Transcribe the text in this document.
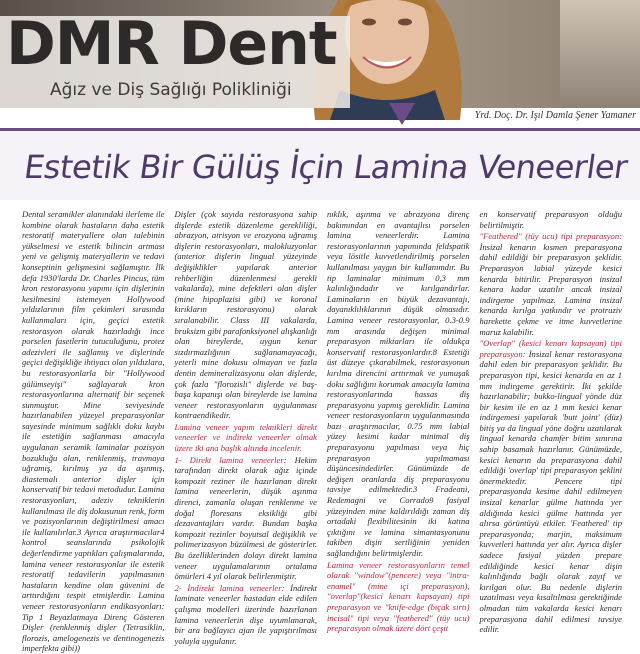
DMR Dent
Ağız ve Diş Sağlığı Polikliniği
Yrd. Doç. Dr. Işıl Damla Şener Yamaner
Estetik Bir Gülüş İçin Lamina Veneerler

Dental seramikler alanındaki ilerleme ile kombine olarak hastaların daha estetik restoratif materyallere olan talebinin yükselmesi ve estetik bilincin artması yeni ve gelişmiş materyallerin ve tedavi konseptinin gelişmesini sağlamıştır. İlk defa 1930'larda Dr. Charles Pincus, tüm kron restorasyonu yapımı için dişlerinin kesilmesini istemeyen Hollywood yıldızlarının film çekimleri sırasında kullanmaları için, geçici estetik restorasyon olarak hazırladığı ince porselen fasetlerin tutuculuğunu, protez adezivleri ile sağlamış ve dişlerinde geçici değişikliğe ihtiyacı olan yıldızlara, bu restorasyonlarla bir "Hollywood gülümseyişi" sağlayarak kron restorasyonlarına alternatif bir seçenek sunmuştur. Mine seviyesinde hazırlanabilen yüzeyel preparasyonlar sayesinde minimum sağlıklı doku kaybı ile estetiğin sağlanması amacıyla uygulanan seramik laminalar pozisyon bozukluğu olan, renklenmiş, travmaya uğramış, kırılmış ya da aşınmış, diastemalı anterior dişler için konservatif bir tedavi metodudur. Lamina restorasyonları, adeziv tekniklerin kullanılması ile diş dokusunun renk, form ve pozisyonlarının değiştirilmesi amacı ile kullanılırlar.3 Ayrıca araştırmacılar4 kontrol seanslarında psikolojik değerlendirme yaptıkları çalışmalarında, lamina veneer restorasyonlar ile estetik restoratif tedavilerin yapılmasının hastaların kendine olan güvenini de arttırdığını tespit etmişlerdir. Lamina veneer restorasyonların endikasyonları: Tip 1 Beyazlatmaya Direnç Gösteren Dişler (renklenmiş dişler (Tetrasiklin, florozis, amelogenezis ve dentinogenezis imperfekta gibi))

Dişler (çok sayıda restorasyona sahip dişlerde estetik düzenleme gerekliliği, abrazyon, atrisyon ve erozyona uğramış dişlerin restorasyonları, malokluzyonlar (anterior dişlerin lingual yüzeyinde değişiklikler yapılarak anterior rehberliğin düzenlenmesi gerekli vakalarda), mine defektleri olan dişler (mine hipoplazisi gibi) ve koronal kırıkların restorasyonu) olarak sıralanabilir. Class III vakalarda, bruksizm gibi parafonksiyonel alışkanlığı olan bireylerde, uygun kenar sızdırmazlığının sağlanamayacağı, yeterli mine dokusu olmayan ve fazla dentin demineralizasyonu olan dişlerde, çok fazla "florozisli" dişlerde ve baş-başa kapanışı olan bireylerde ise lamina veneer restorasyonların uygulanması kontraendikedir.

Lamina veneer yapım teknikleri direkt veneerler ve indirekt veneerler olmak üzere iki ana başlık altında incelenir.

1- Direkt lamina veneerler: Hekim tarafından direkt olarak ağız içinde kompozit reziner ile hazırlanan direkt lamina veneerlerin, düşük aşınma direnci, zamanla oluşan renklenme ve doğal floresans eksikliği gibi dezavantajları vardır. Bundan başka kompozit rezinler boyutsal değişiklik ve polimerizasyon büzülmesi de gösterirler. Bu özelliklerinden dolayı direkt lamina veneer uygulamalarının ortalama ömürleri 4 yıl olarak belirlenmiştir.

2- İndirekt lamina veneerler: İndirekt laminate veneerler hastadan elde edilen çalışma modelleri üzerinde hazırlanan lamina veneerlerin dişe uyumlanarak, bir ara bağlayıcı ajan ile yapıştırılması yoluyla uygulanır.

nıklık, aşınma ve abrazyona direnç bakımından en avantajlısı porselen lamina veneerlerdir. Lamina restorasyonlarının yapımında feldspatik veya lösitle kuvvetlendirilmiş porselen kullanılması yaygın bir kullanımdır. Bu tip laminalar minimum 0,3 mm kalınlığındadır ve kırılgandırlar. Laminaların en büyük dezavantajı, dayanıklılıklarının düşük olmasıdır. Lamina veneer restorasyonlar, 0.3-0.9 mm arasında değişen minimal preparasyon miktarları ile oldukça konservatif restorasyonlardır.8 Estetiği üst düzeye çıkarabilmek, restorasyonun kırılma direncini arttırmak ve yumuşak doku sağlığını korumak amacıyla lamina restorasyonlarında hassas diş preparasyonu yapmış gereklidir. Lamina veneer restorasyonların uygulanmasında bazı araştırmacılar, 0.75 mm labial yüzey kesimi kadar minimal diş preparasyonu yapılması veya hiç preparasyon yapılmaması düşüncesindedirler. Günümüzde de değişen oranlarda diş preparasyonu tavsiye edilmektedir.3 Fradeani, Redemagni ve Corrado9 fasiyal yüzeyinden mine kaldırıldığı zaman diş ortadaki flexibilitesinin iki katına çıktığını ve lamina simantasyonunu takiben dişin sertliğinin yeniden sağlandığını belirtmişlerdir.

Lamina veneer restorasyonların temel olarak "window"(pencere) veya "intra-enamel" (mine içi preparasyon), "overlap"(kesici kenarı kapsayan) tipi preparasyon ve "knife-edge (bıçak sırtı) incisal" tipi veya "feathered" (tüy ucu) preparasyon olmak üzere dört çeşit

en konservatif preparasyon olduğu belirtilmiştir.

"Feathered" (tüy ucu) tipi preparasyon: İnsizal kenarın kısmen preparasyona dahil edildiği bir preparasyon şeklidir. Preparasyon labial yüzeyde kesici kenarda bitirilir. Preparasyon insizal kenara kadar uzatılır ancak insizal indirgeme yapılmaz. Lamina insizal kenarda kırılga yatkındır ve protruziv harekette çekme ve itme kuvvetlerine maruz kalabilir.

"Overlap" (kesici kenarı kapsayan) tipi preparasyon: İnsizal kenar restorasyona dahil eden bir preparasyon şeklidir. Bu preparasyon tipi, kesici kenarda en az 1 mm indirgeme gerektirir. İki şekilde hazırlanabilir; bukko-lingual yönde düz bir kesim ile en az 1 mm kesici kenar indirgemesi yapılarak 'butt joint' (düz) bitiş ya da lingual yöne doğru uzatılarak lingual kenarda chamfer bitim sınırına sahip basamak hazırlanır. Günümüzde, kesici kenarın da preparasyona dahil edildiği 'overlap' tipi preparasyon şeklini önermektedir. Pencere tipi preparasyonda kesime dahil edilmeyen insizal kenarlar gülme hattında yer aldığında kesici gülme hattında yer alırsa görüntüyü etkiler. 'Feathered' tip preparasyonda; marjin, maksimum kuvvetleri hattında yer alır. Ayrıca dişler sadece fasiyal yüzden prepare edildiğinde kesici kenar dişin kalınlığında bağlı olarak zayıf ve kırılgan olur. Bu nedenle dişlerin uzatılması veya kısaltılması gerektiğinde olmadan tüm vakalarda kesici kenarı preparasyona dahil edilmesi tavsiye edilir.
